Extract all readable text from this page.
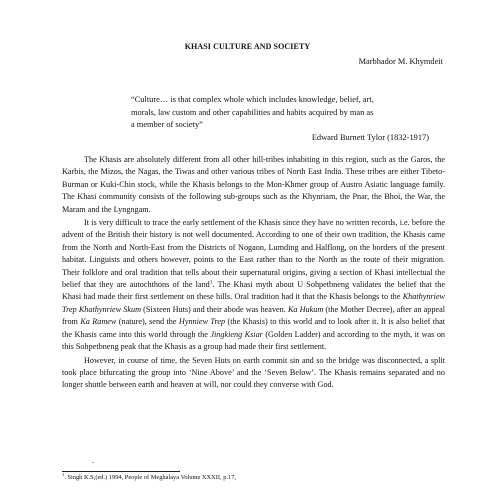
KHASI CULTURE AND SOCIETY
Marbhador M. Khymdeit
“Culture… is that complex whole which includes knowledge, belief, art,
morals, law custom and other capabilities and habits acquired by man as
a member of society”
Edward Burnett Tylor (1832-1917)

The Khasis are absolutely different from all other hill-tribes inhabiting in this region, such as the Garos, the Karbis, the Mizos, the Nagas, the Tiwas and other various tribes of North East India. These tribes are either Tibeto-Burman or Kuki-Chin stock, while the Khasis belongs to the Mon-Khmer group of Austro Asiatic language family. The Khasi community consists of the following sub-groups such as the Khynriam, the Pnar, the Bhoi, the War, the Maram and the Lyngngam.

It is very difficult to trace the early settlement of the Khasis since they have no written records, i.e. before the advent of the British their history is not well documented. According to one of their own tradition, the Khasis came from the North and North-East from the Districts of Nogaon, Lumding and Halflong, on the borders of the present habitat. Linguists and others however, points to the East rather than to the North as the route of their migration. Their folklore and oral tradition that tells about their supernatural origins, giving a section of Khasi intellectual the belief that they are autochthons of the land$^1$. The Khasi myth about U Sohpetbneng validates the belief that the Khasi had made their first settlement on these hills. Oral tradition had it that the Khasis belongs to the Khathynriew Trep Khathynriew Skum (Sixteen Huts) and their abode was heaven. Ka Hukum (the Mother Decree), after an appeal from Ka Ramew (nature), send the Hynniew Trep (the Khasis) to this world and to look after it. It is also belief that the Khasis came into this world through the Jingkieng Ksiar (Golden Ladder) and according to the myth, it was on this Sohpetbneng peak that the Khasis as a group had made their first settlement.

However, in course of time, the Seven Huts on earth commit sin and so the bridge was disconnected, a split took place bifurcating the group into ‘Nine Above’ and the ‘Seven Below’. The Khasis remains separated and no longer shuttle between earth and heaven at will, nor could they converse with God.

.
$^1$. Singh K.S,(ed.) 1994, People of Meghalaya Volume XXXII, p.17,
